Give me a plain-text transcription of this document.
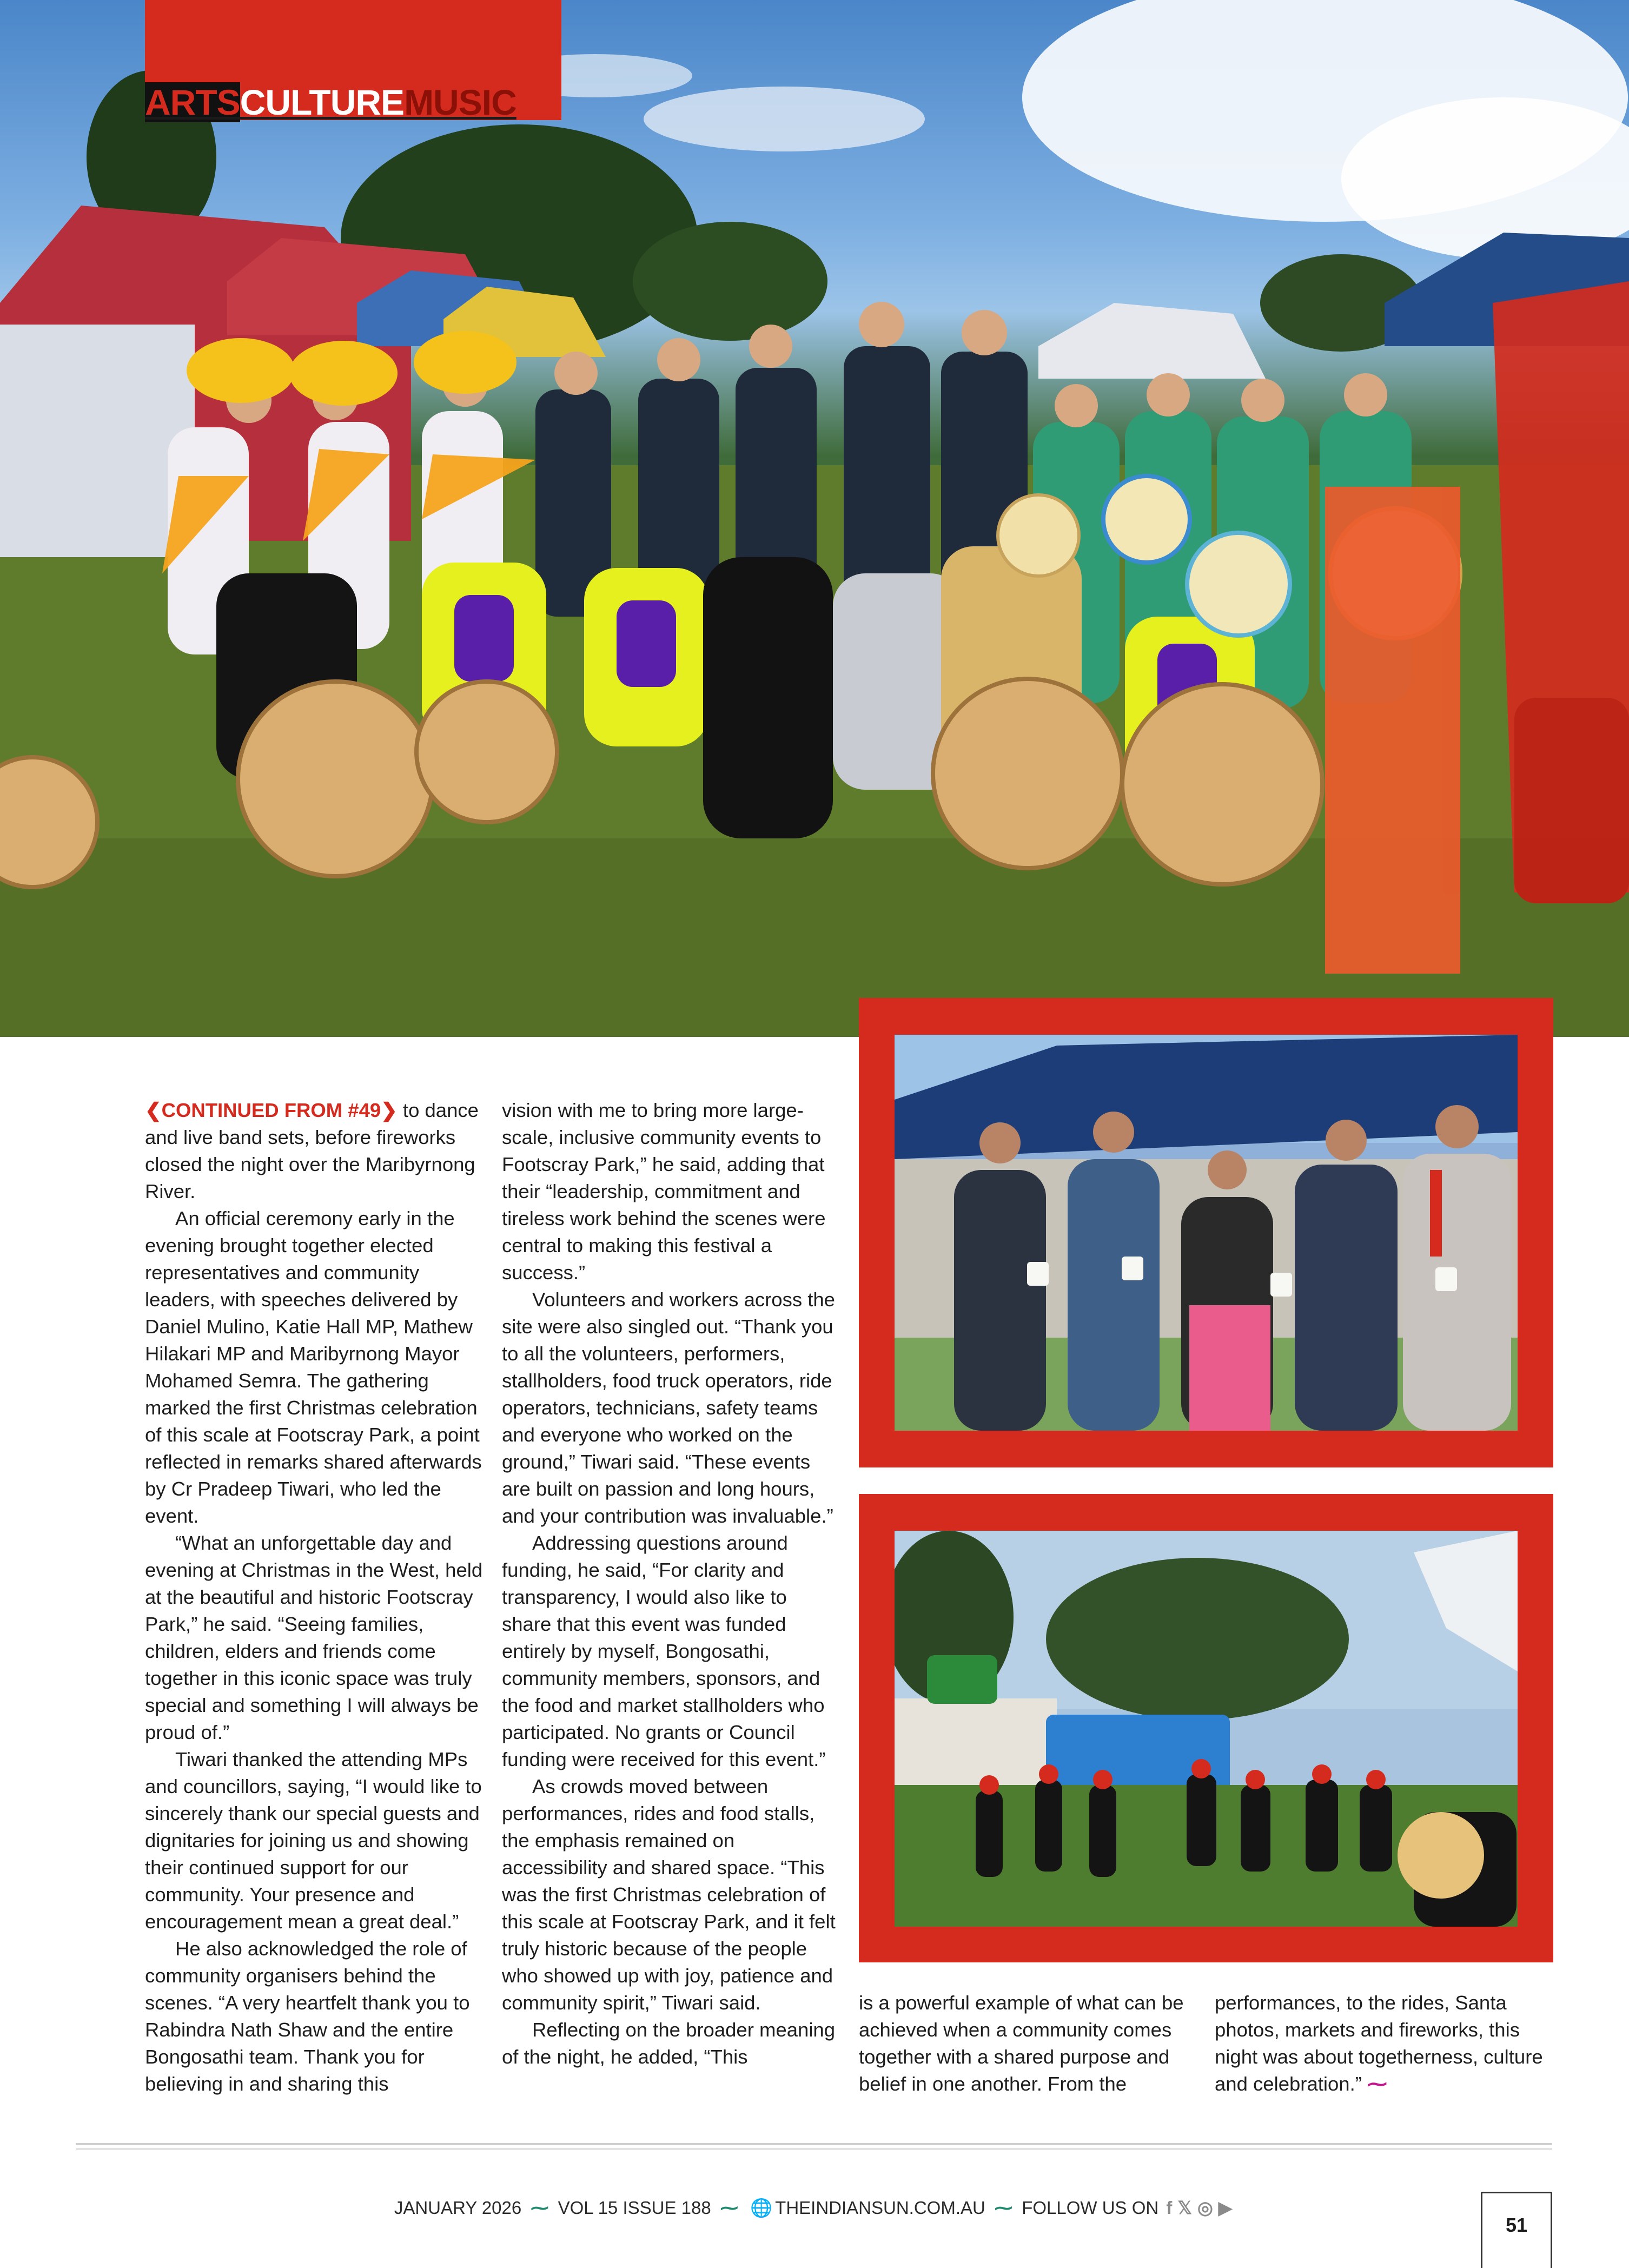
ARTSCULTUREMUSIC

❮CONTINUED FROM #49❯ to dance and live band sets, before fireworks closed the night over the Maribyrnong River.

An official ceremony early in the evening brought together elected representatives and community leaders, with speeches delivered by Daniel Mulino, Katie Hall MP, Mathew Hilakari MP and Maribyrnong Mayor Mohamed Semra. The gathering marked the first Christmas celebration of this scale at Footscray Park, a point reflected in remarks shared afterwards by Cr Pradeep Tiwari, who led the event.

“What an unforgettable day and evening at Christmas in the West, held at the beautiful and historic Footscray Park,” he said. “Seeing families, children, elders and friends come together in this iconic space was truly special and something I will always be proud of.”

Tiwari thanked the attending MPs and councillors, saying, “I would like to sincerely thank our special guests and dignitaries for joining us and showing their continued support for our community. Your presence and encouragement mean a great deal.”

He also acknowledged the role of community organisers behind the scenes. “A very heartfelt thank you to Rabindra Nath Shaw and the entire Bongosathi team. Thank you for believing in and sharing this

vision with me to bring more large-scale, inclusive community events to Footscray Park,” he said, adding that their “leadership, commitment and tireless work behind the scenes were central to making this festival a success.”

Volunteers and workers across the site were also singled out. “Thank you to all the volunteers, performers, stallholders, food truck operators, ride operators, technicians, safety teams and everyone who worked on the ground,” Tiwari said. “These events are built on passion and long hours, and your contribution was invaluable.”

Addressing questions around funding, he said, “For clarity and transparency, I would also like to share that this event was funded entirely by myself, Bongosathi, community members, sponsors, and the food and market stallholders who participated. No grants or Council funding were received for this event.”

As crowds moved between performances, rides and food stalls, the emphasis remained on accessibility and shared space. “This was the first Christmas celebration of this scale at Footscray Park, and it felt truly historic because of the people who showed up with joy, patience and community spirit,” Tiwari said.

Reflecting on the broader meaning of the night, he added, “This

is a powerful example of what can be achieved when a community comes together with a shared purpose and belief in one another. From the

performances, to the rides, Santa photos, markets and fireworks, this night was about togetherness, culture and celebration.” ⁓

JANUARY 2026 ⁓ VOL 15 ISSUE 188 ⁓ 🌐 THEINDIANSUN.COM.AU ⁓ FOLLOW US ON f 𝕏 ◎ ▶
51
